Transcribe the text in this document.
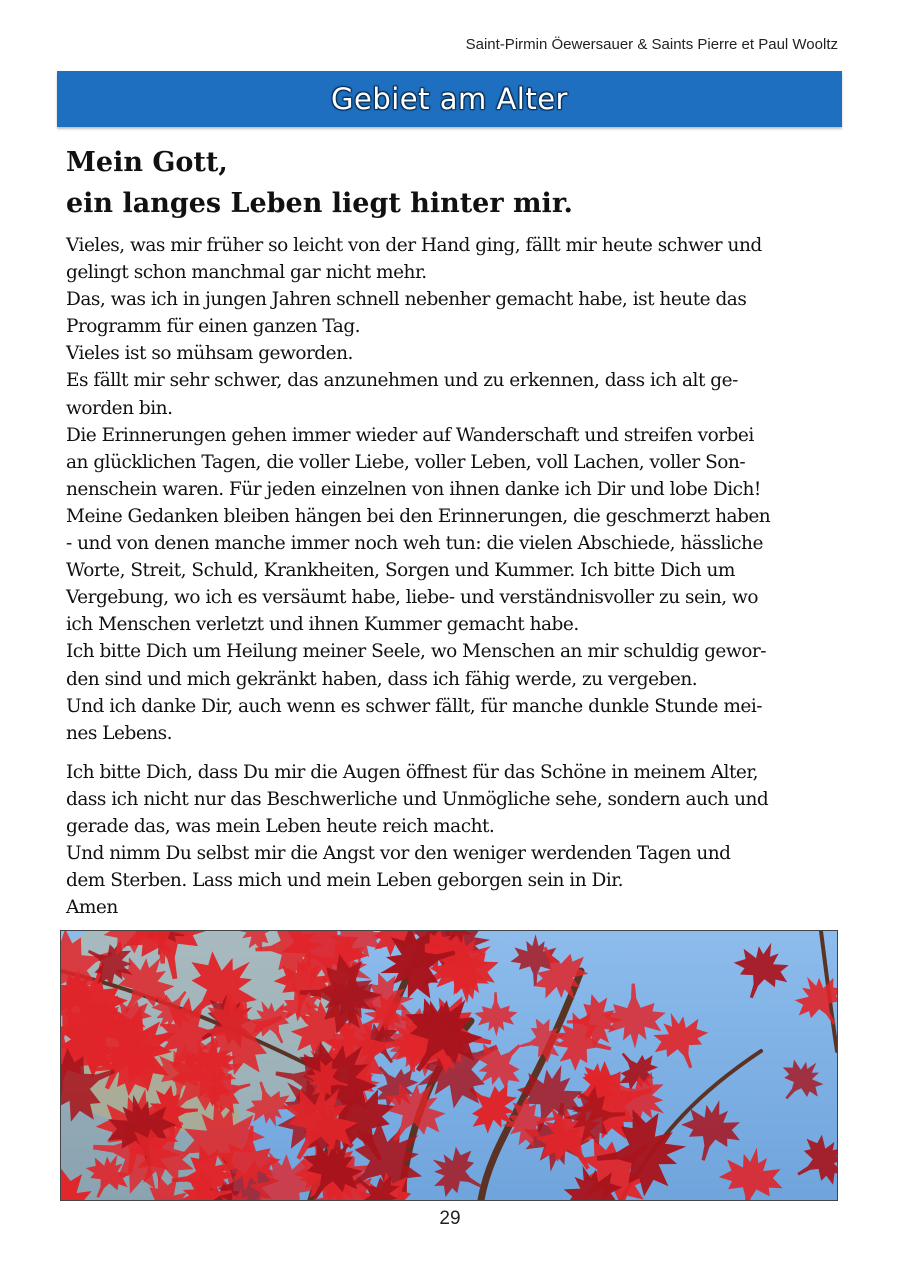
Saint-Pirmin Öewersauer & Saints Pierre et Paul Wooltz
Gebiet am Alter
Mein Gott,
ein langes Leben liegt hinter mir.

Vieles, was mir früher so leicht von der Hand ging, fällt mir heute schwer und

gelingt schon manchmal gar nicht mehr.

Das, was ich in jungen Jahren schnell nebenher gemacht habe, ist heute das

Programm für einen ganzen Tag.

Vieles ist so mühsam geworden.

Es fällt mir sehr schwer, das anzunehmen und zu erkennen, dass ich alt ge-

worden bin.

Die Erinnerungen gehen immer wieder auf Wanderschaft und streifen vorbei

an glücklichen Tagen, die voller Liebe, voller Leben, voll Lachen, voller Son-

nenschein waren. Für jeden einzelnen von ihnen danke ich Dir und lobe Dich!

Meine Gedanken bleiben hängen bei den Erinnerungen, die geschmerzt haben

- und von denen manche immer noch weh tun: die vielen Abschiede, hässliche

Worte, Streit, Schuld, Krankheiten, Sorgen und Kummer. Ich bitte Dich um

Vergebung, wo ich es versäumt habe, liebe- und verständnisvoller zu sein, wo

ich Menschen verletzt und ihnen Kummer gemacht habe.

Ich bitte Dich um Heilung meiner Seele, wo Menschen an mir schuldig gewor-

den sind und mich gekränkt haben, dass ich fähig werde, zu vergeben.

Und ich danke Dir, auch wenn es schwer fällt, für manche dunkle Stunde mei-

nes Lebens.

Ich bitte Dich, dass Du mir die Augen öffnest für das Schöne in meinem Alter,

dass ich nicht nur das Beschwerliche und Unmögliche sehe, sondern auch und

gerade das, was mein Leben heute reich macht.

Und nimm Du selbst mir die Angst vor den weniger werdenden Tagen und

dem Sterben. Lass mich und mein Leben geborgen sein in Dir.

Amen

29
